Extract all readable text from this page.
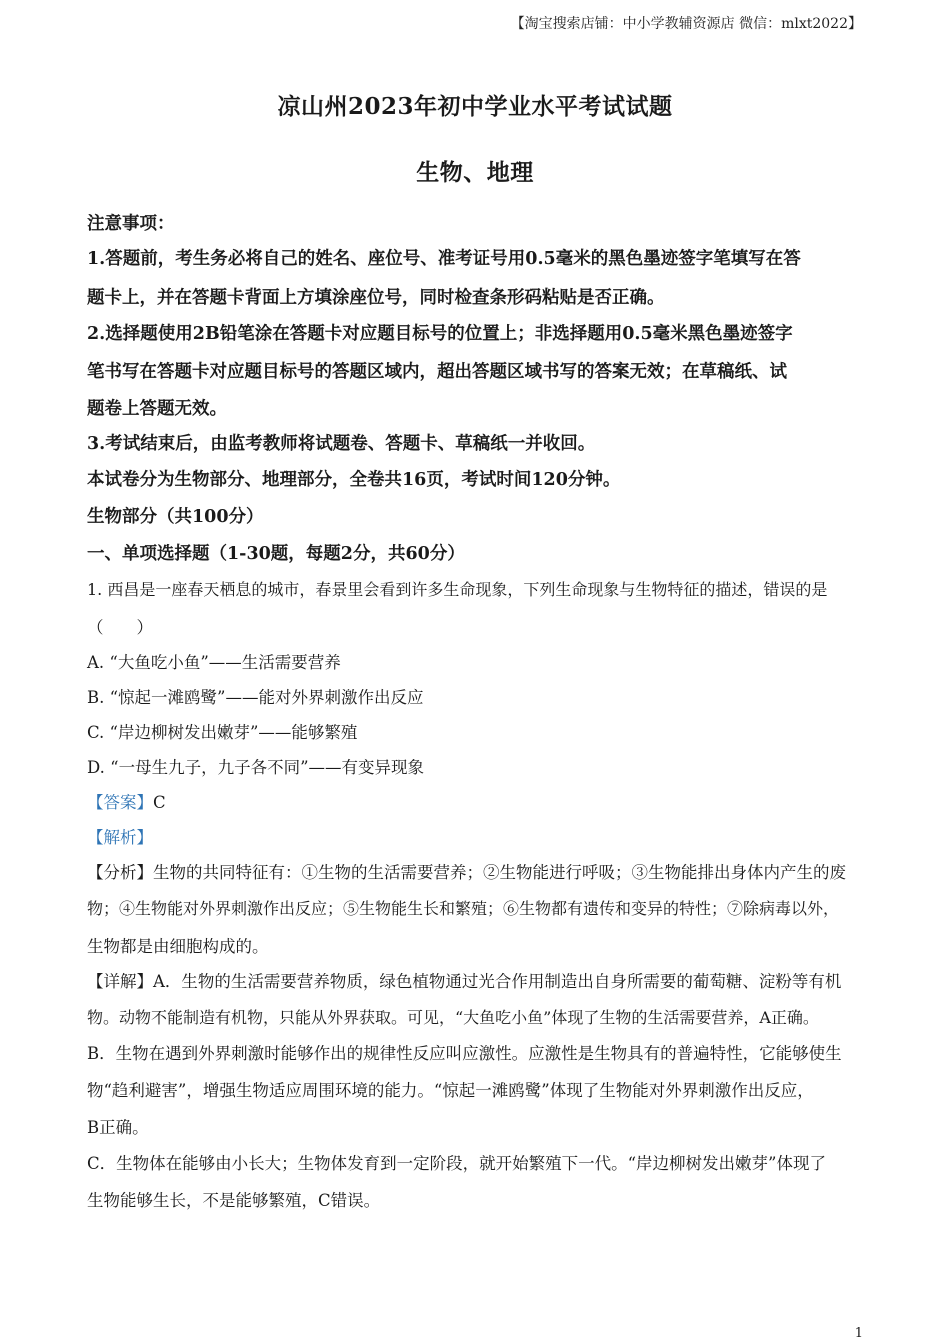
【淘宝搜索店铺：中小学教辅资源店 微信：mlxt2022】
凉山州2023年初中学业水平考试试题
生物、地理
注意事项：
1.答题前，考生务必将自己的姓名、座位号、准考证号用0.5毫米的黑色墨迹签字笔填写在答
题卡上，并在答题卡背面上方填涂座位号，同时检查条形码粘贴是否正确。
2.选择题使用2B铅笔涂在答题卡对应题目标号的位置上；非选择题用0.5毫米黑色墨迹签字
笔书写在答题卡对应题目标号的答题区域内，超出答题区域书写的答案无效；在草稿纸、试
题卷上答题无效。
3.考试结束后，由监考教师将试题卷、答题卡、草稿纸一并收回。
本试卷分为生物部分、地理部分，全卷共16页，考试时间120分钟。
生物部分（共100分）
一、单项选择题（1-30题，每题2分，共60分）
1. 西昌是一座春天栖息的城市，春景里会看到许多生命现象，下列生命现象与生物特征的描述，错误的是
（　　）
A. “大鱼吃小鱼”——生活需要营养
B. “惊起一滩鸥鹭”——能对外界刺激作出反应
C. “岸边柳树发出嫩芽”——能够繁殖
D. “一母生九子，九子各不同”——有变异现象
【答案】C
【解析】
【分析】生物的共同特征有：①生物的生活需要营养；②生物能进行呼吸；③生物能排出身体内产生的废
物；④生物能对外界刺激作出反应；⑤生物能生长和繁殖；⑥生物都有遗传和变异的特性；⑦除病毒以外，
生物都是由细胞构成的。
【详解】A．生物的生活需要营养物质，绿色植物通过光合作用制造出自身所需要的葡萄糖、淀粉等有机
物。动物不能制造有机物，只能从外界获取。可见，“大鱼吃小鱼”体现了生物的生活需要营养，A正确。
B．生物在遇到外界刺激时能够作出的规律性反应叫应激性。应激性是生物具有的普遍特性，它能够使生
物“趋利避害”，增强生物适应周围环境的能力。“惊起一滩鸥鹭”体现了生物能对外界刺激作出反应，
B正确。
C．生物体在能够由小长大；生物体发育到一定阶段，就开始繁殖下一代。“岸边柳树发出嫩芽”体现了
生物能够生长，不是能够繁殖，C错误。
1
